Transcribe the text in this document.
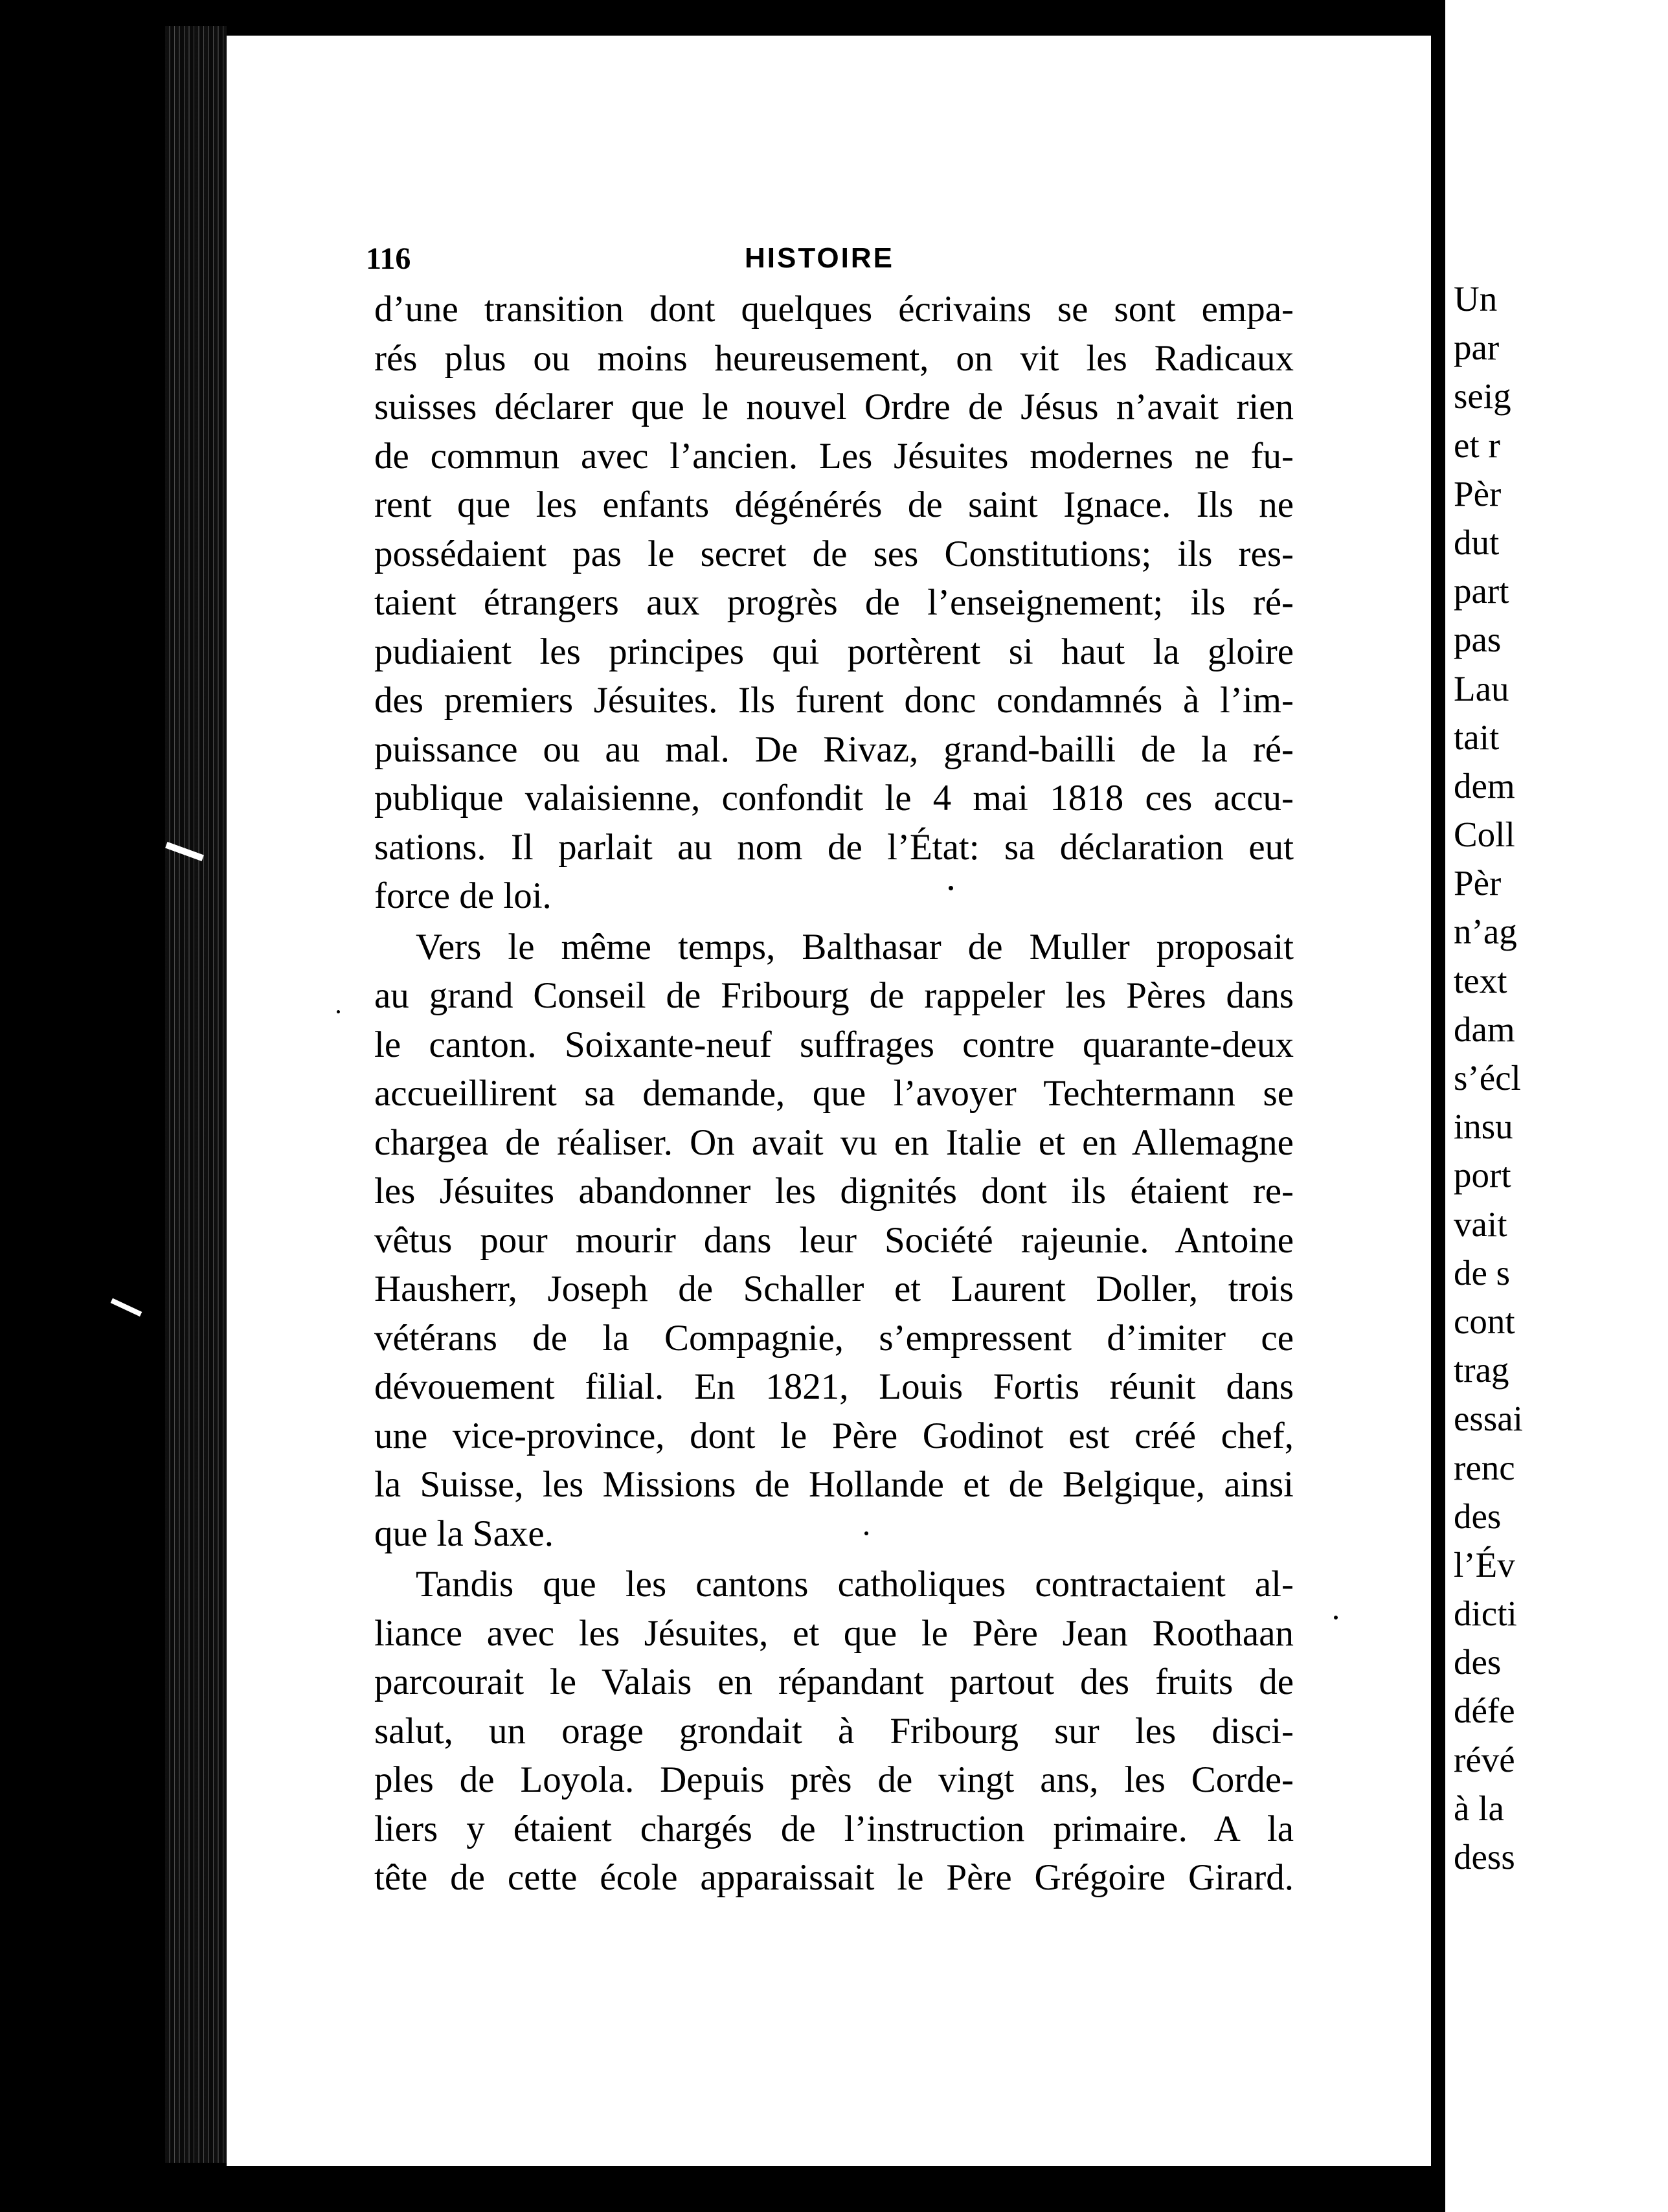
116	HISTOIRE
d’une transition dont quelques écrivains se sont empa-
rés plus ou moins heureusement, on vit les Radicaux
suisses déclarer que le nouvel Ordre de Jésus n’avait rien
de commun avec l’ancien. Les Jésuites modernes ne fu-
rent que les enfants dégénérés de saint Ignace. Ils ne
possédaient pas le secret de ses Constitutions; ils res-
taient étrangers aux progrès de l’enseignement; ils ré-
pudiaient les principes qui portèrent si haut la gloire
des premiers Jésuites. Ils furent donc condamnés à l’im-
puissance ou au mal. De Rivaz, grand-bailli de la ré-
publique valaisienne, confondit le 4 mai 1818 ces accu-
sations. Il parlait au nom de l’État: sa déclaration eut
force de loi.
Vers le même temps, Balthasar de Muller proposait
au grand Conseil de Fribourg de rappeler les Pères dans
le canton. Soixante-neuf suffrages contre quarante-deux
accueillirent sa demande, que l’avoyer Techtermann se
chargea de réaliser. On avait vu en Italie et en Allemagne
les Jésuites abandonner les dignités dont ils étaient re-
vêtus pour mourir dans leur Société rajeunie. Antoine
Hausherr, Joseph de Schaller et Laurent Doller, trois
vétérans de la Compagnie, s’empressent d’imiter ce
dévouement filial. En 1821, Louis Fortis réunit dans
une vice-province, dont le Père Godinot est créé chef,
la Suisse, les Missions de Hollande et de Belgique, ainsi
que la Saxe.
Tandis que les cantons catholiques contractaient al-
liance avec les Jésuites, et que le Père Jean Roothaan
parcourait le Valais en répandant partout des fruits de
salut, un orage grondait à Fribourg sur les disci-
ples de Loyola. Depuis près de vingt ans, les Corde-
liers y étaient chargés de l’instruction primaire. A la
tête de cette école apparaissait le Père Grégoire Girard.
Un
par
seig
et r
Pèr
dut
part
pas
Lau
tait
dem
Coll
Pèr
n’ag
text
dam
s’écl
insu
port
vait
de s
cont
trag
essai
renc
des
l’Év
dicti
des
défe
révé
à la
dess
